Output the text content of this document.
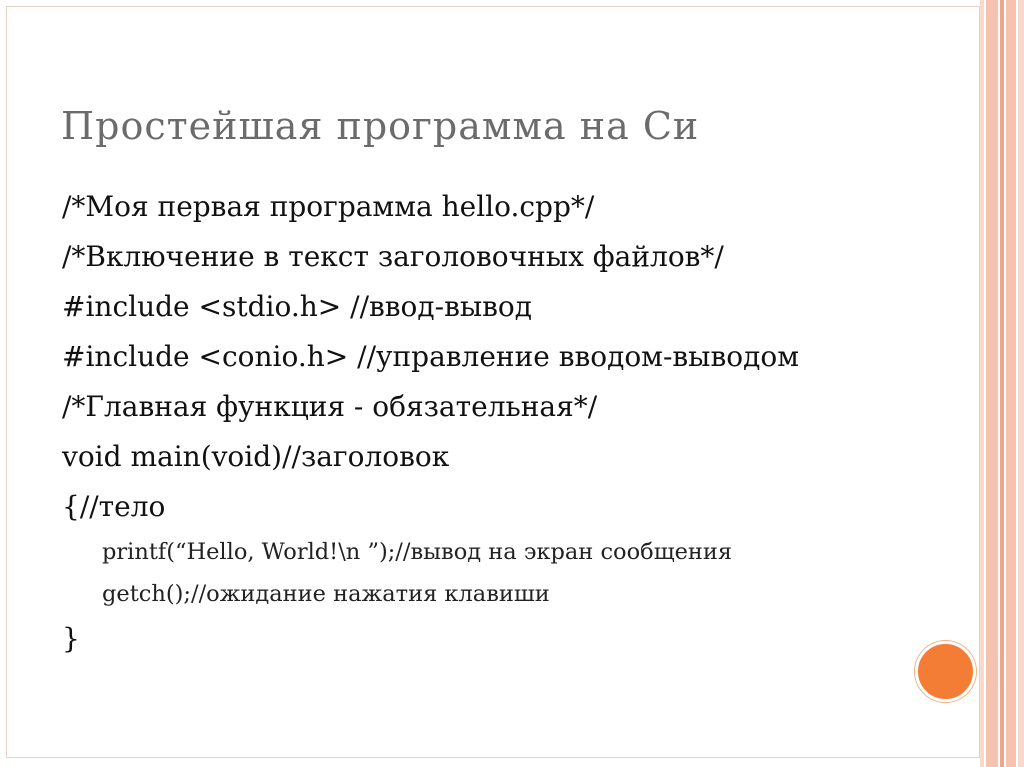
Простейшая программа на Си
/*Моя первая программа hello.cpp*/
/*Включение в текст заголовочных файлов*/
#include <stdio.h> //ввод-вывод
#include <conio.h> //управление вводом-выводом
/*Главная функция - обязательная*/
void main(void)//заголовок
{//тело
printf(“Hello, World!\n ”);//вывод на экран сообщения
getch();//ожидание нажатия клавиши
}
